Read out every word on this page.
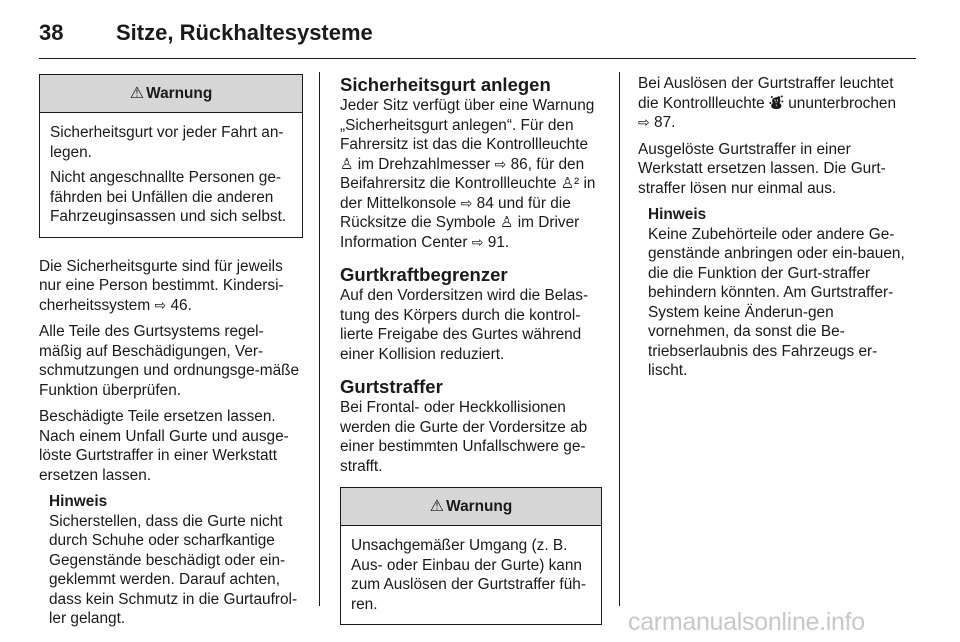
38 Sitze, Rückhaltesysteme
⚠ Warnung

Sicherheitsgurt vor jeder Fahrt an-legen.

Nicht angeschnallte Personen ge-fährden bei Unfällen die anderen Fahrzeuginsassen und sich selbst.

Die Sicherheitsgurte sind für jeweils nur eine Person bestimmt. Kindersi-cherheitssystem ⇨ 46.

Alle Teile des Gurtsystems regel-mäßig auf Beschädigungen, Ver-schmutzungen und ordnungsge-mäße Funktion überprüfen.

Beschädigte Teile ersetzen lassen. Nach einem Unfall Gurte und ausge-löste Gurtstraffer in einer Werkstatt ersetzen lassen.

Hinweis
Sicherstellen, dass die Gurte nicht durch Schuhe oder scharfkantige Gegenstände beschädigt oder ein-geklemmt werden. Darauf achten, dass kein Schmutz in die Gurtaufrol-ler gelangt.
Sicherheitsgurt anlegen

Jeder Sitz verfügt über eine Warnung „Sicherheitsgurt anlegen“. Für den Fahrersitz ist das die Kontrollleuchte ♙ im Drehzahlmesser ⇨ 86, für den Beifahrersitz die Kontrollleuchte ♙² in der Mittelkonsole ⇨ 84 und für die Rücksitze die Symbole ♙ im Driver Information Center ⇨ 91.

Gurtkraftbegrenzer

Auf den Vordersitzen wird die Belas-tung des Körpers durch die kontrol-lierte Freigabe des Gurtes während einer Kollision reduziert.

Gurtstraffer

Bei Frontal- oder Heckkollisionen werden die Gurte der Vordersitze ab einer bestimmten Unfallschwere ge-strafft.

⚠ Warnung

Unsachgemäßer Umgang (z. B. Aus- oder Einbau der Gurte) kann zum Auslösen der Gurtstraffer füh-ren.

Bei Auslösen der Gurtstraffer leuchtet die Kontrollleuchte ⛇ ununterbrochen ⇨ 87.

Ausgelöste Gurtstraffer in einer Werkstatt ersetzen lassen. Die Gurt-straffer lösen nur einmal aus.

Hinweis
Keine Zubehörteile oder andere Ge-genstände anbringen oder ein-bauen, die die Funktion der Gurt-straffer behindern könnten. Am Gurtstraffer-System keine Änderun-gen vornehmen, da sonst die Be-triebserlaubnis des Fahrzeugs er-lischt.
carmanualsonline.info
